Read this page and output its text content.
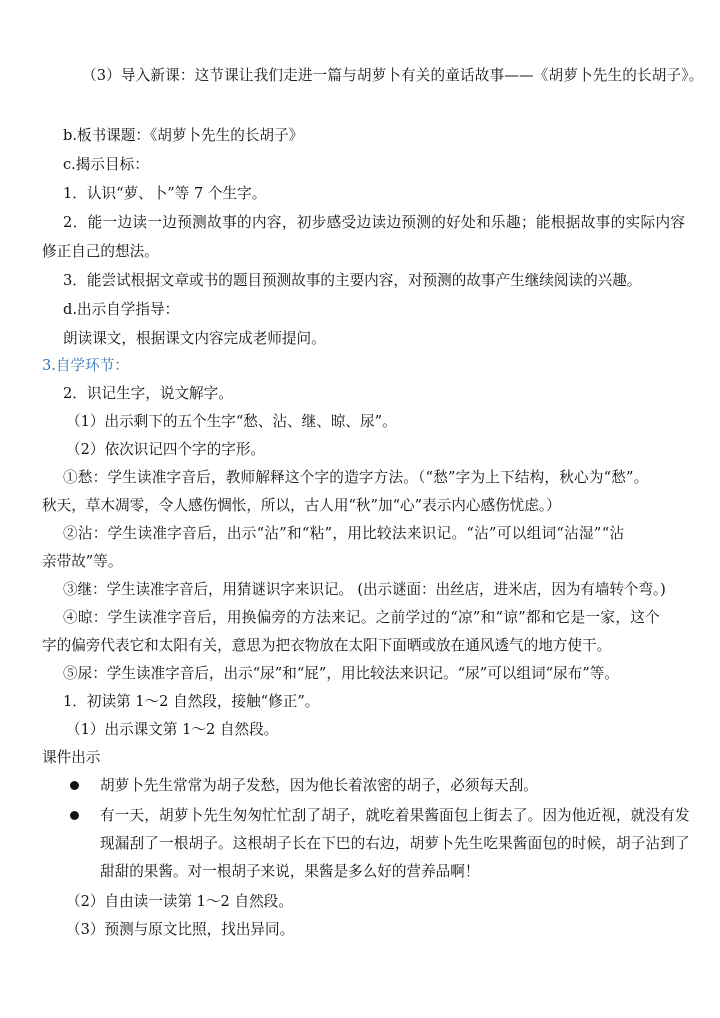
（3）导入新课：这节课让我们走进一篇与胡萝卜有关的童话故事——《胡萝卜先生的长胡子》。
b.板书课题：《胡萝卜先生的长胡子》
c.揭示目标：
1．认识“萝、卜”等 7 个生字。
2．能一边读一边预测故事的内容，初步感受边读边预测的好处和乐趣；能根据故事的实际内容
修正自己的想法。
3．能尝试根据文章或书的题目预测故事的主要内容，对预测的故事产生继续阅读的兴趣。
d.出示自学指导：
朗读课文，根据课文内容完成老师提问。
3.自学环节：
2．识记生字，说文解字。
（1）出示剩下的五个生字“愁、沾、继、晾、尿”。
（2）依次识记四个字的字形。
①愁：学生读准字音后，教师解释这个字的造字方法。（“愁”字为上下结构，秋心为“愁”。
秋天，草木凋零，令人感伤惆怅，所以，古人用“秋”加“心”表示内心感伤忧虑。）
②沾：学生读准字音后，出示“沾”和“粘”，用比较法来识记。“沾”可以组词“沾湿”“沾
亲带故”等。
③继：学生读准字音后，用猜谜识字来识记。 (出示谜面：出丝店，进米店，因为有墙转个弯。)
④晾：学生读准字音后，用换偏旁的方法来记。之前学过的“凉”和“谅”都和它是一家，这个
字的偏旁代表它和太阳有关，意思为把衣物放在太阳下面晒或放在通风透气的地方使干。
⑤尿：学生读准字音后，出示“尿”和“屁”，用比较法来识记。“尿”可以组词“尿布”等。
1．初读第 1～2 自然段，接触“修正”。
（1）出示课文第 1～2 自然段。
课件出示
胡萝卜先生常常为胡子发愁，因为他长着浓密的胡子，必须每天刮。
有一天，胡萝卜先生匆匆忙忙刮了胡子，就吃着果酱面包上街去了。因为他近视，就没有发
现漏刮了一根胡子。这根胡子长在下巴的右边，胡萝卜先生吃果酱面包的时候，胡子沾到了
甜甜的果酱。对一根胡子来说，果酱是多么好的营养品啊！
（2）自由读一读第 1～2 自然段。
（3）预测与原文比照，找出异同。
